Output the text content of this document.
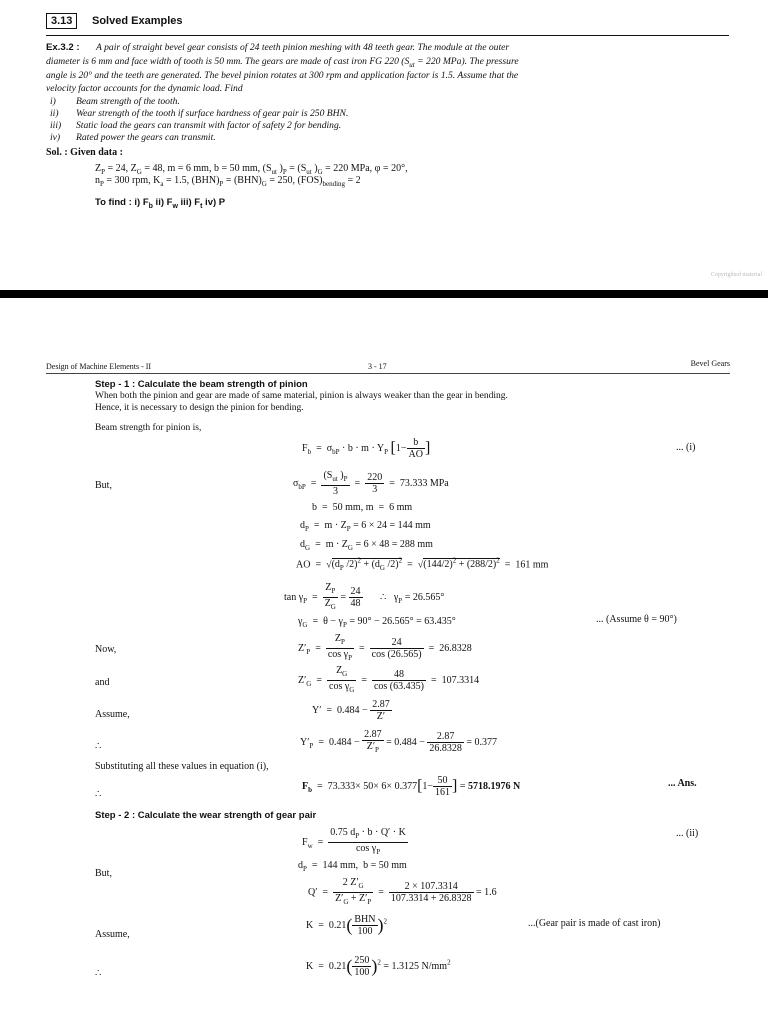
3.13	Solved Examples
Ex.3.2 : A pair of straight bevel gear consists of 24 teeth pinion meshing with 48 teeth gear. The module at the outer
diameter is 6 mm and face width of tooth is 50 mm. The gears are made of cast iron FG 220 ($S_{ut} = 220$ MPa). The pressure
angle is 20° and the teeth are generated. The bevel pinion rotates at 300 rpm and application factor is 1.5. Assume that the
velocity factor accounts for the dynamic load. Find
i) Beam strength of the tooth.
ii) Wear strength of the tooth if surface hardness of gear pair is 250 BHN.
iii) Static load the gears can transmit with factor of safety 2 for bending.
iv) Rated power the gears can transmit.
Sol. : Given data :
$Z_P = 24$, $Z_G = 48$, m = 6 mm, b = 50 mm, ($S_{ut}$ )$_P = (S_{ut}$ )$_G = 220$ MPa, φ = 20°,
$n_P = 300$ rpm, $K_a = 1.5$, $(BHN)_P = (BHN)_G = 250$, $(FOS)_{bending} = 2$
To find : i) $F_b$ ii) $F_w$ iii) $F_t$ iv) P
Copyrighted material
Design of Machine Elements - II	3 - 17	Bevel Gears
Step - 1 : Calculate the beam strength of pinion
When both the pinion and gear are made of same material, pinion is always weaker than the gear in bending.
Hence, it is necessary to design the pinion for bending.
Beam strength for pinion is,
$F_b = \sigma_{bP} \cdot b \cdot m \cdot Y_P$ [$1- \frac{b}{AO}$ ]	... (i)
But,	$\sigma_{bP} = \frac{(S_{ut} )_P}{3} = \frac{220}{3} = 73.333$ MPa
b  =  50 mm, m  =  6 mm
$d_P = m \cdot Z_P = 6 \times 24 = 144$ mm
$d_G = m \cdot Z_G = 6 \times 48 = 288$ mm
AO  =  $√(d_P$ $/2)^2 + (d_G$ $/2)^2 = √(144/2)^2 + (288/2)^2 = 161$ mm
$\tan \gamma_P = \frac{Z_P}{Z_G} = \frac{24}{48}$ ∴   $\gamma_P = 26.565^\circ$
$\gamma_G = \theta - \gamma_P = 90^\circ - 26.565^\circ = 63.435^\circ$	... (Assume θ = 90°)
Now,	$Z'_P = \frac{Z_P}{\cos \gamma_P} = \frac{24}{\cos (26.565)} = 26.8328$
and	$Z'_G = \frac{Z_G}{\cos \gamma_G} = \frac{48}{\cos (63.435)} = 107.3314$
Assume,	$Y' = 0.484 - \frac{2.87}{Z'}$
∴	$Y'_P = 0.484 - \frac{2.87}{Z'_P} = 0.484 - \frac{2.87}{26.8328} = 0.377$
Substituting all these values in equation (i),
∴
$F_b = 73.333\times 50\times 6\times 0.377[1- \frac{50}{161}$ ] = 5718.1976 N	... Ans.
Step - 2 : Calculate the wear strength of gear pair
$F_w = \frac{0.75 d_P \cdot b \cdot Q' \cdot K}{\cos \gamma_P}$	... (ii)
But,
$d_P = 144$ mm,  b = 50 mm
$Q' = \frac{2 Z'_G}{Z'_G + Z'_P} = \frac{2 \times 107.3314}{107.3314 + 26.8328} = 1.6$
Assume,
$K = 0.21( \frac{\text{BHN}}{100} )^2$	...(Gear pair is made of cast iron)
∴
$K = 0.21( \frac{250}{100} )^2 = 1.3125$ $N/mm^2$
